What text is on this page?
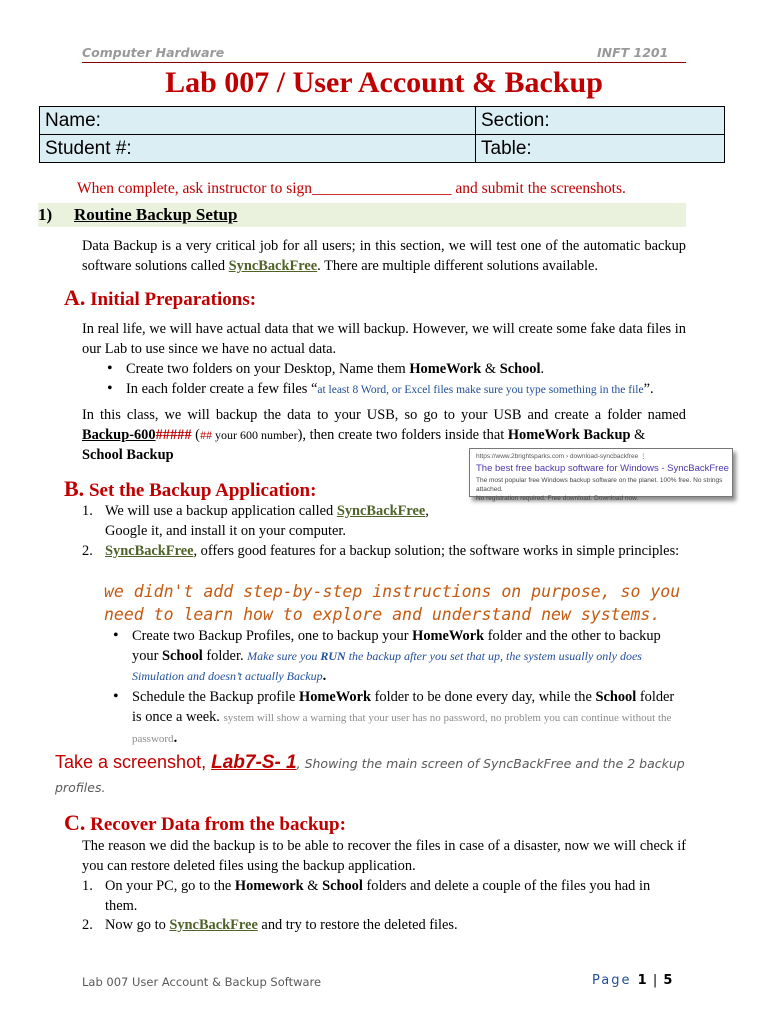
Computer Hardware	INFT 1201
Lab 007 / User Account & Backup
Name:	Section:
Student #:	Table:
When complete, ask instructor to sign__________________ and submit the screenshots.
1) Routine Backup Setup

Data Backup is a very critical job for all users; in this section, we will test one of the automatic backup software solutions called SyncBackFree. There are multiple different solutions available.

A. Initial Preparations:

In real life, we will have actual data that we will backup. However, we will create some fake data files in our Lab to use since we have no actual data.

• Create two folders on your Desktop, Name them HomeWork & School.
• In each folder create a few files “at least 8 Word, or Excel files make sure you type something in the file”.

In this class, we will backup the data to your USB, so go to your USB and create a folder named Backup-600##### (## your 600 number), then create two folders inside that HomeWork Backup &
School Backup	https://www.2brightsparks.com › download-syncbackfree ⋮
The best free backup software for Windows - SyncBackFree
The most popular free Windows backup software on the planet. 100% free. No strings attached.
No registration required. Free download. Download now.
B. Set the Backup Application:
1. We will use a backup application called SyncBackFree,
Google it, and install it on your computer.
2. SyncBackFree, offers good features for a backup solution; the software works in simple principles:
we didn't add step-by-step instructions on purpose, so you need to learn how to explore and understand new systems.
• Create two Backup Profiles, one to backup your HomeWork folder and the other to backup your School folder. Make sure you RUN the backup after you set that up, the system usually only does Simulation and doesn’t actually Backup.
• Schedule the Backup profile HomeWork folder to be done every day, while the School folder is once a week. system will show a warning that your user has no password, no problem you can continue without the password.
Take a screenshot, Lab7-S- 1, Showing the main screen of SyncBackFree and the 2 backup profiles.
C. Recover Data from the backup:

The reason we did the backup is to be able to recover the files in case of a disaster, now we will check if you can restore deleted files using the backup application.

1. On your PC, go to the Homework & School folders and delete a couple of the files you had in
them.
2. Now go to SyncBackFree and try to restore the deleted files.
Lab 007 User Account & Backup Software	Page 1 | 5
